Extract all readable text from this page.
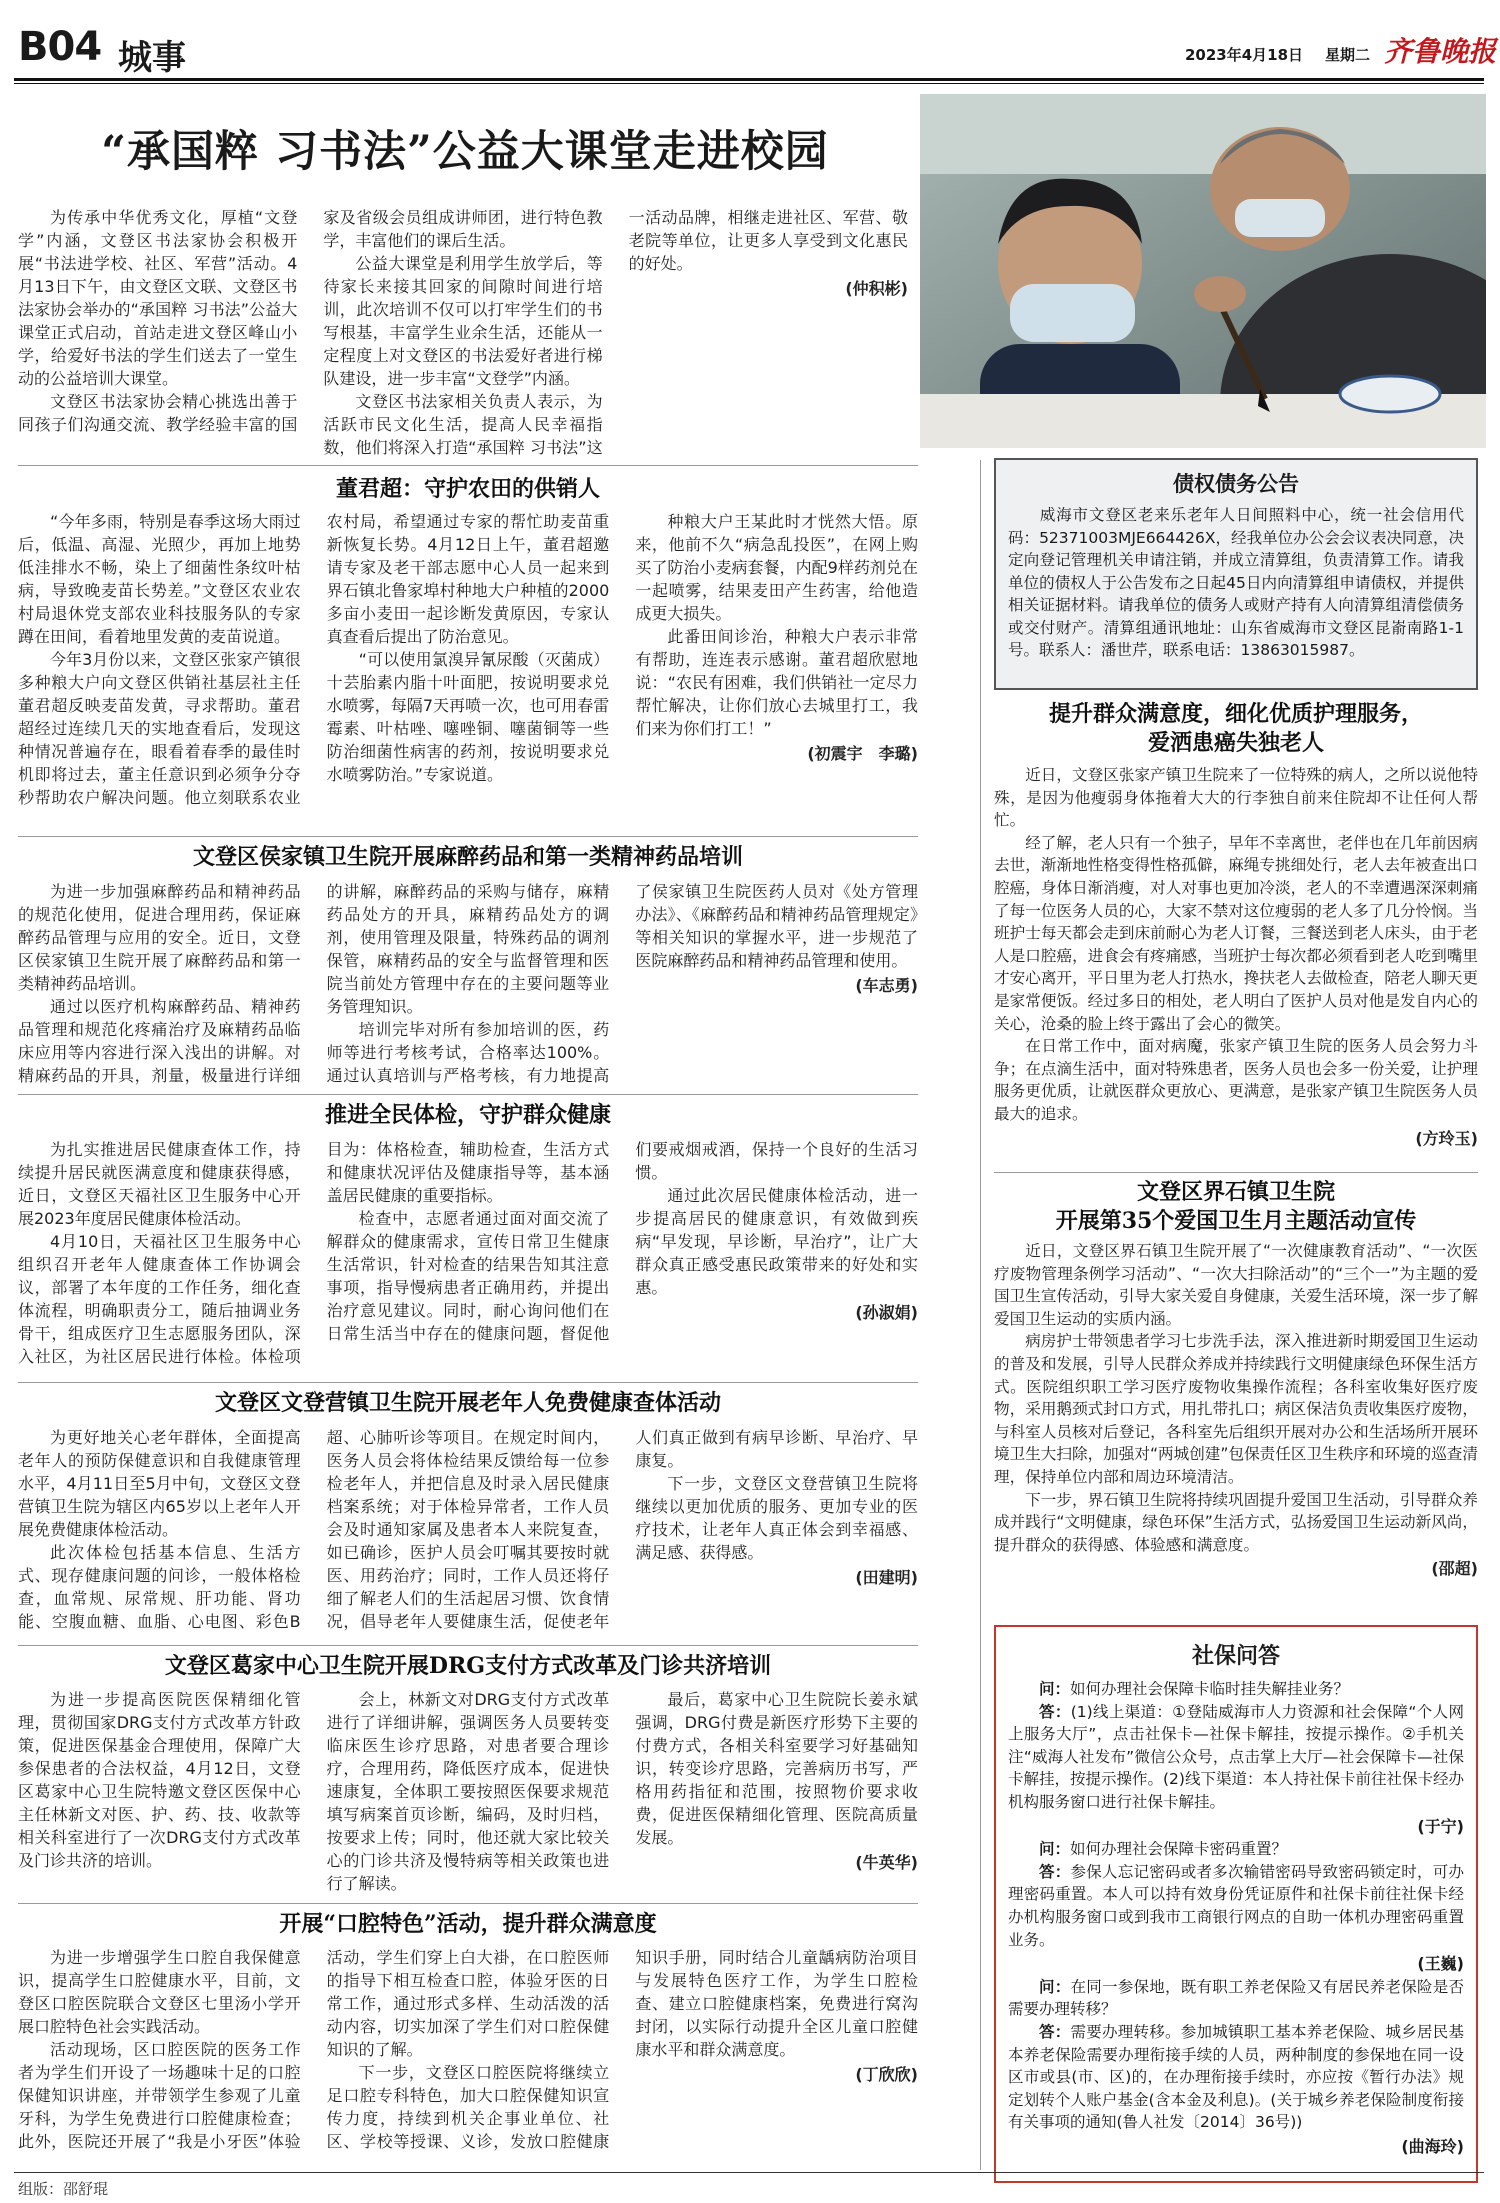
B04 城事	2023年4月18日 星期二 齐鲁晚报
“承国粹 习书法”公益大课堂走进校园

为传承中华优秀文化，厚植“文登学”内涵，文登区书法家协会积极开展“书法进学校、社区、军营”活动。4月13日下午，由文登区文联、文登区书法家协会举办的“承国粹 习书法”公益大课堂正式启动，首站走进文登区峰山小学，给爱好书法的学生们送去了一堂生动的公益培训大课堂。

文登区书法家协会精心挑选出善于同孩子们沟通交流、教学经验丰富的国家及省级会员组成讲师团，进行特色教学，丰富他们的课后生活。

公益大课堂是利用学生放学后，等待家长来接其回家的间隙时间进行培训，此次培训不仅可以打牢学生们的书写根基，丰富学生业余生活，还能从一定程度上对文登区的书法爱好者进行梯队建设，进一步丰富“文登学”内涵。

文登区书法家相关负责人表示，为活跃市民文化生活，提高人民幸福指数，他们将深入打造“承国粹 习书法”这一活动品牌，相继走进社区、军营、敬老院等单位，让更多人享受到文化惠民的好处。

(仲积彬)
董君超：守护农田的供销人

“今年多雨，特别是春季这场大雨过后，低温、高湿、光照少，再加上地势低洼排水不畅，染上了细菌性条纹叶枯病，导致晚麦苗长势差。”文登区农业农村局退休党支部农业科技服务队的专家蹲在田间，看着地里发黄的麦苗说道。

今年3月份以来，文登区张家产镇很多种粮大户向文登区供销社基层社主任董君超反映麦苗发黄，寻求帮助。董君超经过连续几天的实地查看后，发现这种情况普遍存在，眼看着春季的最佳时机即将过去，董主任意识到必须争分夺秒帮助农户解决问题。他立刻联系农业农村局，希望通过专家的帮忙助麦苗重新恢复长势。4月12日上午，董君超邀请专家及老干部志愿中心人员一起来到界石镇北鲁家埠村种地大户种植的2000多亩小麦田一起诊断发黄原因，专家认真查看后提出了防治意见。

“可以使用氯溴异氰尿酸（灭菌成）十芸胎素内脂十叶面肥，按说明要求兑水喷雾，每隔7天再喷一次，也可用春雷霉素、叶枯唑、噻唑铜、噻菌铜等一些防治细菌性病害的药剂，按说明要求兑水喷雾防治。”专家说道。

种粮大户王某此时才恍然大悟。原来，他前不久“病急乱投医”，在网上购买了防治小麦病套餐，内配9样药剂兑在一起喷雾，结果麦田产生药害，给他造成更大损失。

此番田间诊治，种粮大户表示非常有帮助，连连表示感谢。董君超欣慰地说：“农民有困难，我们供销社一定尽力帮忙解决，让你们放心去城里打工，我们来为你们打工！”

(初震宇　李璐)
文登区侯家镇卫生院开展麻醉药品和第一类精神药品培训

为进一步加强麻醉药品和精神药品的规范化使用，促进合理用药，保证麻醉药品管理与应用的安全。近日，文登区侯家镇卫生院开展了麻醉药品和第一类精神药品培训。

通过以医疗机构麻醉药品、精神药品管理和规范化疼痛治疗及麻精药品临床应用等内容进行深入浅出的讲解。对精麻药品的开具，剂量，极量进行详细的讲解，麻醉药品的采购与储存，麻精药品处方的开具，麻精药品处方的调剂，使用管理及限量，特殊药品的调剂保管，麻精药品的安全与监督管理和医院当前处方管理中存在的主要问题等业务管理知识。

培训完毕对所有参加培训的医，药师等进行考核考试，合格率达100%。通过认真培训与严格考核，有力地提高了侯家镇卫生院医药人员对《处方管理办法》、《麻醉药品和精神药品管理规定》等相关知识的掌握水平，进一步规范了医院麻醉药品和精神药品管理和使用。

(车志勇)
推进全民体检，守护群众健康

为扎实推进居民健康查体工作，持续提升居民就医满意度和健康获得感，近日，文登区天福社区卫生服务中心开展2023年度居民健康体检活动。

4月10日，天福社区卫生服务中心组织召开老年人健康查体工作协调会议，部署了本年度的工作任务，细化查体流程，明确职责分工，随后抽调业务骨干，组成医疗卫生志愿服务团队，深入社区，为社区居民进行体检。体检项目为：体格检查，辅助检查，生活方式和健康状况评估及健康指导等，基本涵盖居民健康的重要指标。

检查中，志愿者通过面对面交流了解群众的健康需求，宣传日常卫生健康生活常识，针对检查的结果告知其注意事项，指导慢病患者正确用药，并提出治疗意见建议。同时，耐心询问他们在日常生活当中存在的健康问题，督促他们要戒烟戒酒，保持一个良好的生活习惯。

通过此次居民健康体检活动，进一步提高居民的健康意识，有效做到疾病“早发现，早诊断，早治疗”，让广大群众真正感受惠民政策带来的好处和实惠。

(孙淑娟)
文登区文登营镇卫生院开展老年人免费健康查体活动

为更好地关心老年群体，全面提高老年人的预防保健意识和自我健康管理水平，4月11日至5月中旬，文登区文登营镇卫生院为辖区内65岁以上老年人开展免费健康体检活动。

此次体检包括基本信息、生活方式、现存健康问题的问诊，一般体格检查，血常规、尿常规、肝功能、肾功能、空腹血糖、血脂、心电图、彩色B超、心肺听诊等项目。在规定时间内，医务人员会将体检结果反馈给每一位参检老年人，并把信息及时录入居民健康档案系统；对于体检异常者，工作人员会及时通知家属及患者本人来院复查，如已确诊，医护人员会叮嘱其要按时就医、用药治疗；同时，工作人员还将仔细了解老人们的生活起居习惯、饮食情况，倡导老年人要健康生活，促使老年人们真正做到有病早诊断、早治疗、早康复。

下一步，文登区文登营镇卫生院将继续以更加优质的服务、更加专业的医疗技术，让老年人真正体会到幸福感、满足感、获得感。

(田建明)
文登区葛家中心卫生院开展DRG支付方式改革及门诊共济培训

为进一步提高医院医保精细化管理，贯彻国家DRG支付方式改革方针政策，促进医保基金合理使用，保障广大参保患者的合法权益，4月12日，文登区葛家中心卫生院特邀文登区医保中心主任林新文对医、护、药、技、收款等相关科室进行了一次DRG支付方式改革及门诊共济的培训。

会上，林新文对DRG支付方式改革进行了详细讲解，强调医务人员要转变临床医生诊疗思路，对患者要合理诊疗，合理用药，降低医疗成本，促进快速康复，全体职工要按照医保要求规范填写病案首页诊断，编码，及时归档，按要求上传；同时，他还就大家比较关心的门诊共济及慢特病等相关政策也进行了解读。

最后，葛家中心卫生院院长姜永斌强调，DRG付费是新医疗形势下主要的付费方式，各相关科室要学习好基础知识，转变诊疗思路，完善病历书写，严格用药指征和范围，按照物价要求收费，促进医保精细化管理、医院高质量发展。

(牛英华)
开展“口腔特色”活动，提升群众满意度

为进一步增强学生口腔自我保健意识，提高学生口腔健康水平，目前，文登区口腔医院联合文登区七里汤小学开展口腔特色社会实践活动。

活动现场，区口腔医院的医务工作者为学生们开设了一场趣味十足的口腔保健知识讲座，并带领学生参观了儿童牙科，为学生免费进行口腔健康检查；此外，医院还开展了“我是小牙医”体验活动，学生们穿上白大褂，在口腔医师的指导下相互检查口腔，体验牙医的日常工作，通过形式多样、生动活泼的活动内容，切实加深了学生们对口腔保健知识的了解。

下一步，文登区口腔医院将继续立足口腔专科特色，加大口腔保健知识宣传力度，持续到机关企事业单位、社区、学校等授课、义诊，发放口腔健康知识手册，同时结合儿童龋病防治项目与发展特色医疗工作，为学生口腔检查、建立口腔健康档案，免费进行窝沟封闭，以实际行动提升全区儿童口腔健康水平和群众满意度。

(丁欣欣)
债权债务公告
威海市文登区老来乐老年人日间照料中心，统一社会信用代码：52371003MJE664426X，经我单位办公会会议表决同意，决定向登记管理机关申请注销，并成立清算组，负责清算工作。请我单位的债权人于公告发布之日起45日内向清算组申请债权，并提供相关证据材料。请我单位的债务人或财产持有人向清算组清偿债务或交付财产。清算组通讯地址：山东省威海市文登区昆嵛南路1-1号。联系人：潘世芹，联系电话：13863015987。
提升群众满意度，细化优质护理服务，
爱洒患癌失独老人

近日，文登区张家产镇卫生院来了一位特殊的病人，之所以说他特殊，是因为他瘦弱身体拖着大大的行李独自前来住院却不让任何人帮忙。

经了解，老人只有一个独子，早年不幸离世，老伴也在几年前因病去世，渐渐地性格变得性格孤僻，麻绳专挑细处行，老人去年被查出口腔癌，身体日渐消瘦，对人对事也更加冷淡，老人的不幸遭遇深深刺痛了每一位医务人员的心，大家不禁对这位瘦弱的老人多了几分怜悯。当班护士每天都会走到床前耐心为老人订餐，三餐送到老人床头，由于老人是口腔癌，进食会有疼痛感，当班护士每次都必须看到老人吃到嘴里才安心离开，平日里为老人打热水，搀扶老人去做检查，陪老人聊天更是家常便饭。经过多日的相处，老人明白了医护人员对他是发自内心的关心，沧桑的脸上终于露出了会心的微笑。

在日常工作中，面对病魔，张家产镇卫生院的医务人员会努力斗争；在点滴生活中，面对特殊患者，医务人员也会多一份关爱，让护理服务更优质，让就医群众更放心、更满意，是张家产镇卫生院医务人员最大的追求。

(方玲玉)
文登区界石镇卫生院
开展第35个爱国卫生月主题活动宣传

近日，文登区界石镇卫生院开展了“一次健康教育活动”、“一次医疗废物管理条例学习活动”、“一次大扫除活动”的“三个一”为主题的爱国卫生宣传活动，引导大家关爱自身健康，关爱生活环境，深一步了解爱国卫生运动的实质内涵。

病房护士带领患者学习七步洗手法，深入推进新时期爱国卫生运动的普及和发展，引导人民群众养成并持续践行文明健康绿色环保生活方式。医院组织职工学习医疗废物收集操作流程；各科室收集好医疗废物，采用鹅颈式封口方式，用扎带扎口；病区保洁负责收集医疗废物，与科室人员核对后登记，各科室先后组织开展对办公和生活场所开展环境卫生大扫除，加强对“两城创建”包保责任区卫生秩序和环境的巡查清理，保持单位内部和周边环境清洁。

下一步，界石镇卫生院将持续巩固提升爱国卫生活动，引导群众养成并践行“文明健康，绿色环保”生活方式，弘扬爱国卫生运动新风尚，提升群众的获得感、体验感和满意度。

(邵超)
社保问答

问：如何办理社会保障卡临时挂失解挂业务？

答：(1)线上渠道：①登陆威海市人力资源和社会保障“个人网上服务大厅”，点击社保卡—社保卡解挂，按提示操作。②手机关注“威海人社发布”微信公众号，点击掌上大厅—社会保障卡—社保卡解挂，按提示操作。(2)线下渠道：本人持社保卡前往社保卡经办机构服务窗口进行社保卡解挂。

(于宁)

问：如何办理社会保障卡密码重置？

答：参保人忘记密码或者多次输错密码导致密码锁定时，可办理密码重置。本人可以持有效身份凭证原件和社保卡前往社保卡经办机构服务窗口或到我市工商银行网点的自助一体机办理密码重置业务。

(王巍)

问：在同一参保地，既有职工养老保险又有居民养老保险是否需要办理转移？

答：需要办理转移。参加城镇职工基本养老保险、城乡居民基本养老保险需要办理衔接手续的人员，两种制度的参保地在同一设区市或县(市、区)的，在办理衔接手续时，亦应按《暂行办法》规定划转个人账户基金(含本金及利息)。(关于城乡养老保险制度衔接有关事项的通知(鲁人社发〔2014〕36号))

(曲海玲)
组版：邵舒琨
